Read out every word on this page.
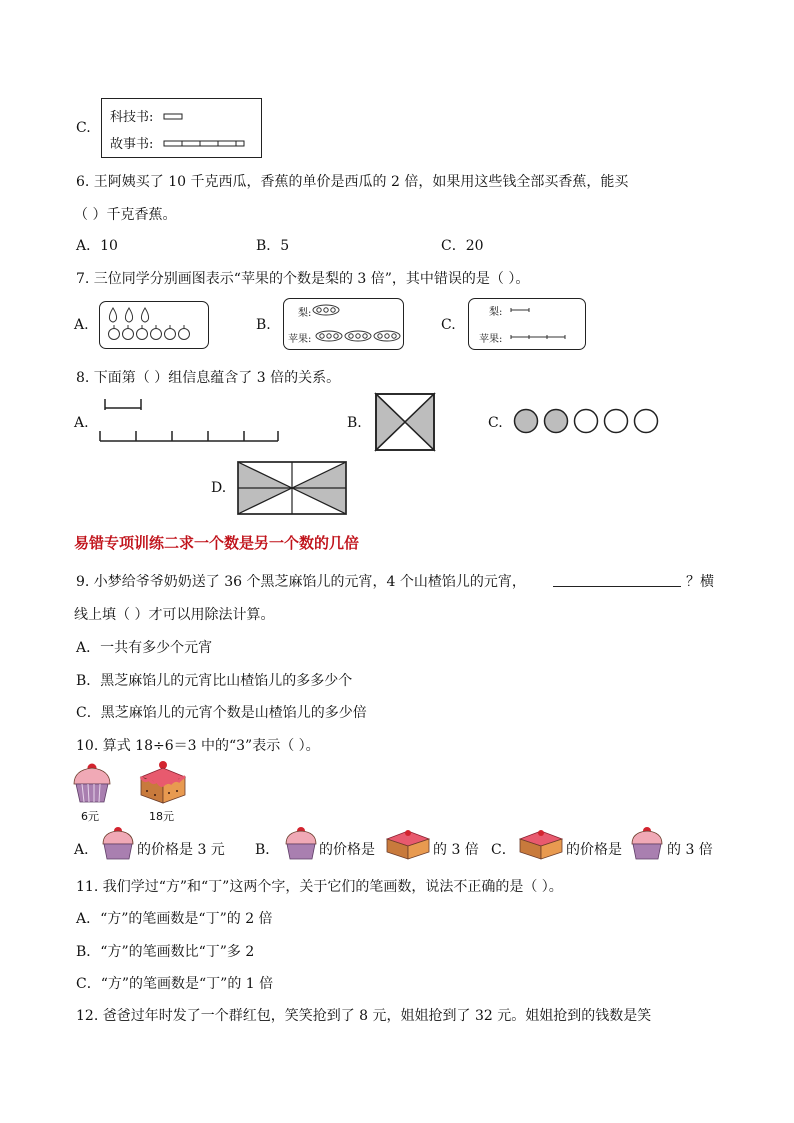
C.
科技书:
故事书:
6. 王阿姨买了 10 千克西瓜，香蕉的单价是西瓜的 2 倍，如果用这些钱全部买香蕉，能买
（ ）千克香蕉。
A．10	B．5	C．20
7. 三位同学分别画图表示“苹果的个数是梨的 3 倍”，其中错误的是（ ）。
A.	B.
梨:
苹果:
C.
梨:
苹果:
8. 下面第（ ）组信息蕴含了 3 倍的关系。
A.	B.	C.
D.
易错专项训练二求一个数是另一个数的几倍
9. 小梦给爷爷奶奶送了 36 个黑芝麻馅儿的元宵，4 个山楂馅儿的元宵，	？横
线上填（ ）才可以用除法计算。
A．一共有多少个元宵
B．黑芝麻馅儿的元宵比山楂馅儿的多多少个
C．黑芝麻馅儿的元宵个数是山楂馅儿的多少倍
10. 算式 18÷6＝3 中的“3”表示（ ）。
6元	18元
A．	的价格是 3 元 B．	的价格是	的 3 倍 C．	的价格是	的 3 倍
11. 我们学过“方”和“丁”这两个字，关于它们的笔画数，说法不正确的是（ ）。
A．“方”的笔画数是“丁”的 2 倍
B．“方”的笔画数比“丁”多 2
C．“方”的笔画数是“丁”的 1 倍
12. 爸爸过年时发了一个群红包，笑笑抢到了 8 元，姐姐抢到了 32 元。姐姐抢到的钱数是笑
